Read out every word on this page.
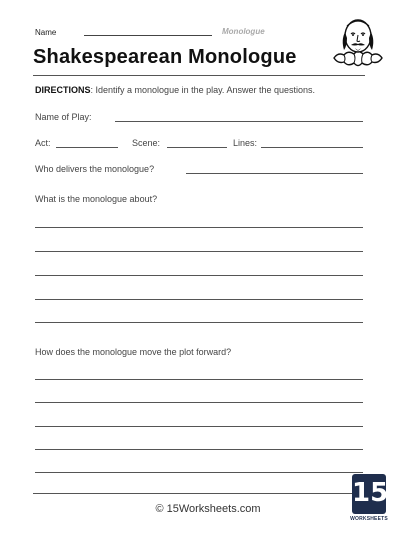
Name	Monologue
Shakespearean Monologue
DIRECTIONS: Identify a monologue in the play. Answer the questions.
Name of Play:
Act:	Scene:	Lines:
Who delivers the monologue?
What is the monologue about?
How does the monologue move the plot forward?
© 15Worksheets.com
15
WORKSHEETS
